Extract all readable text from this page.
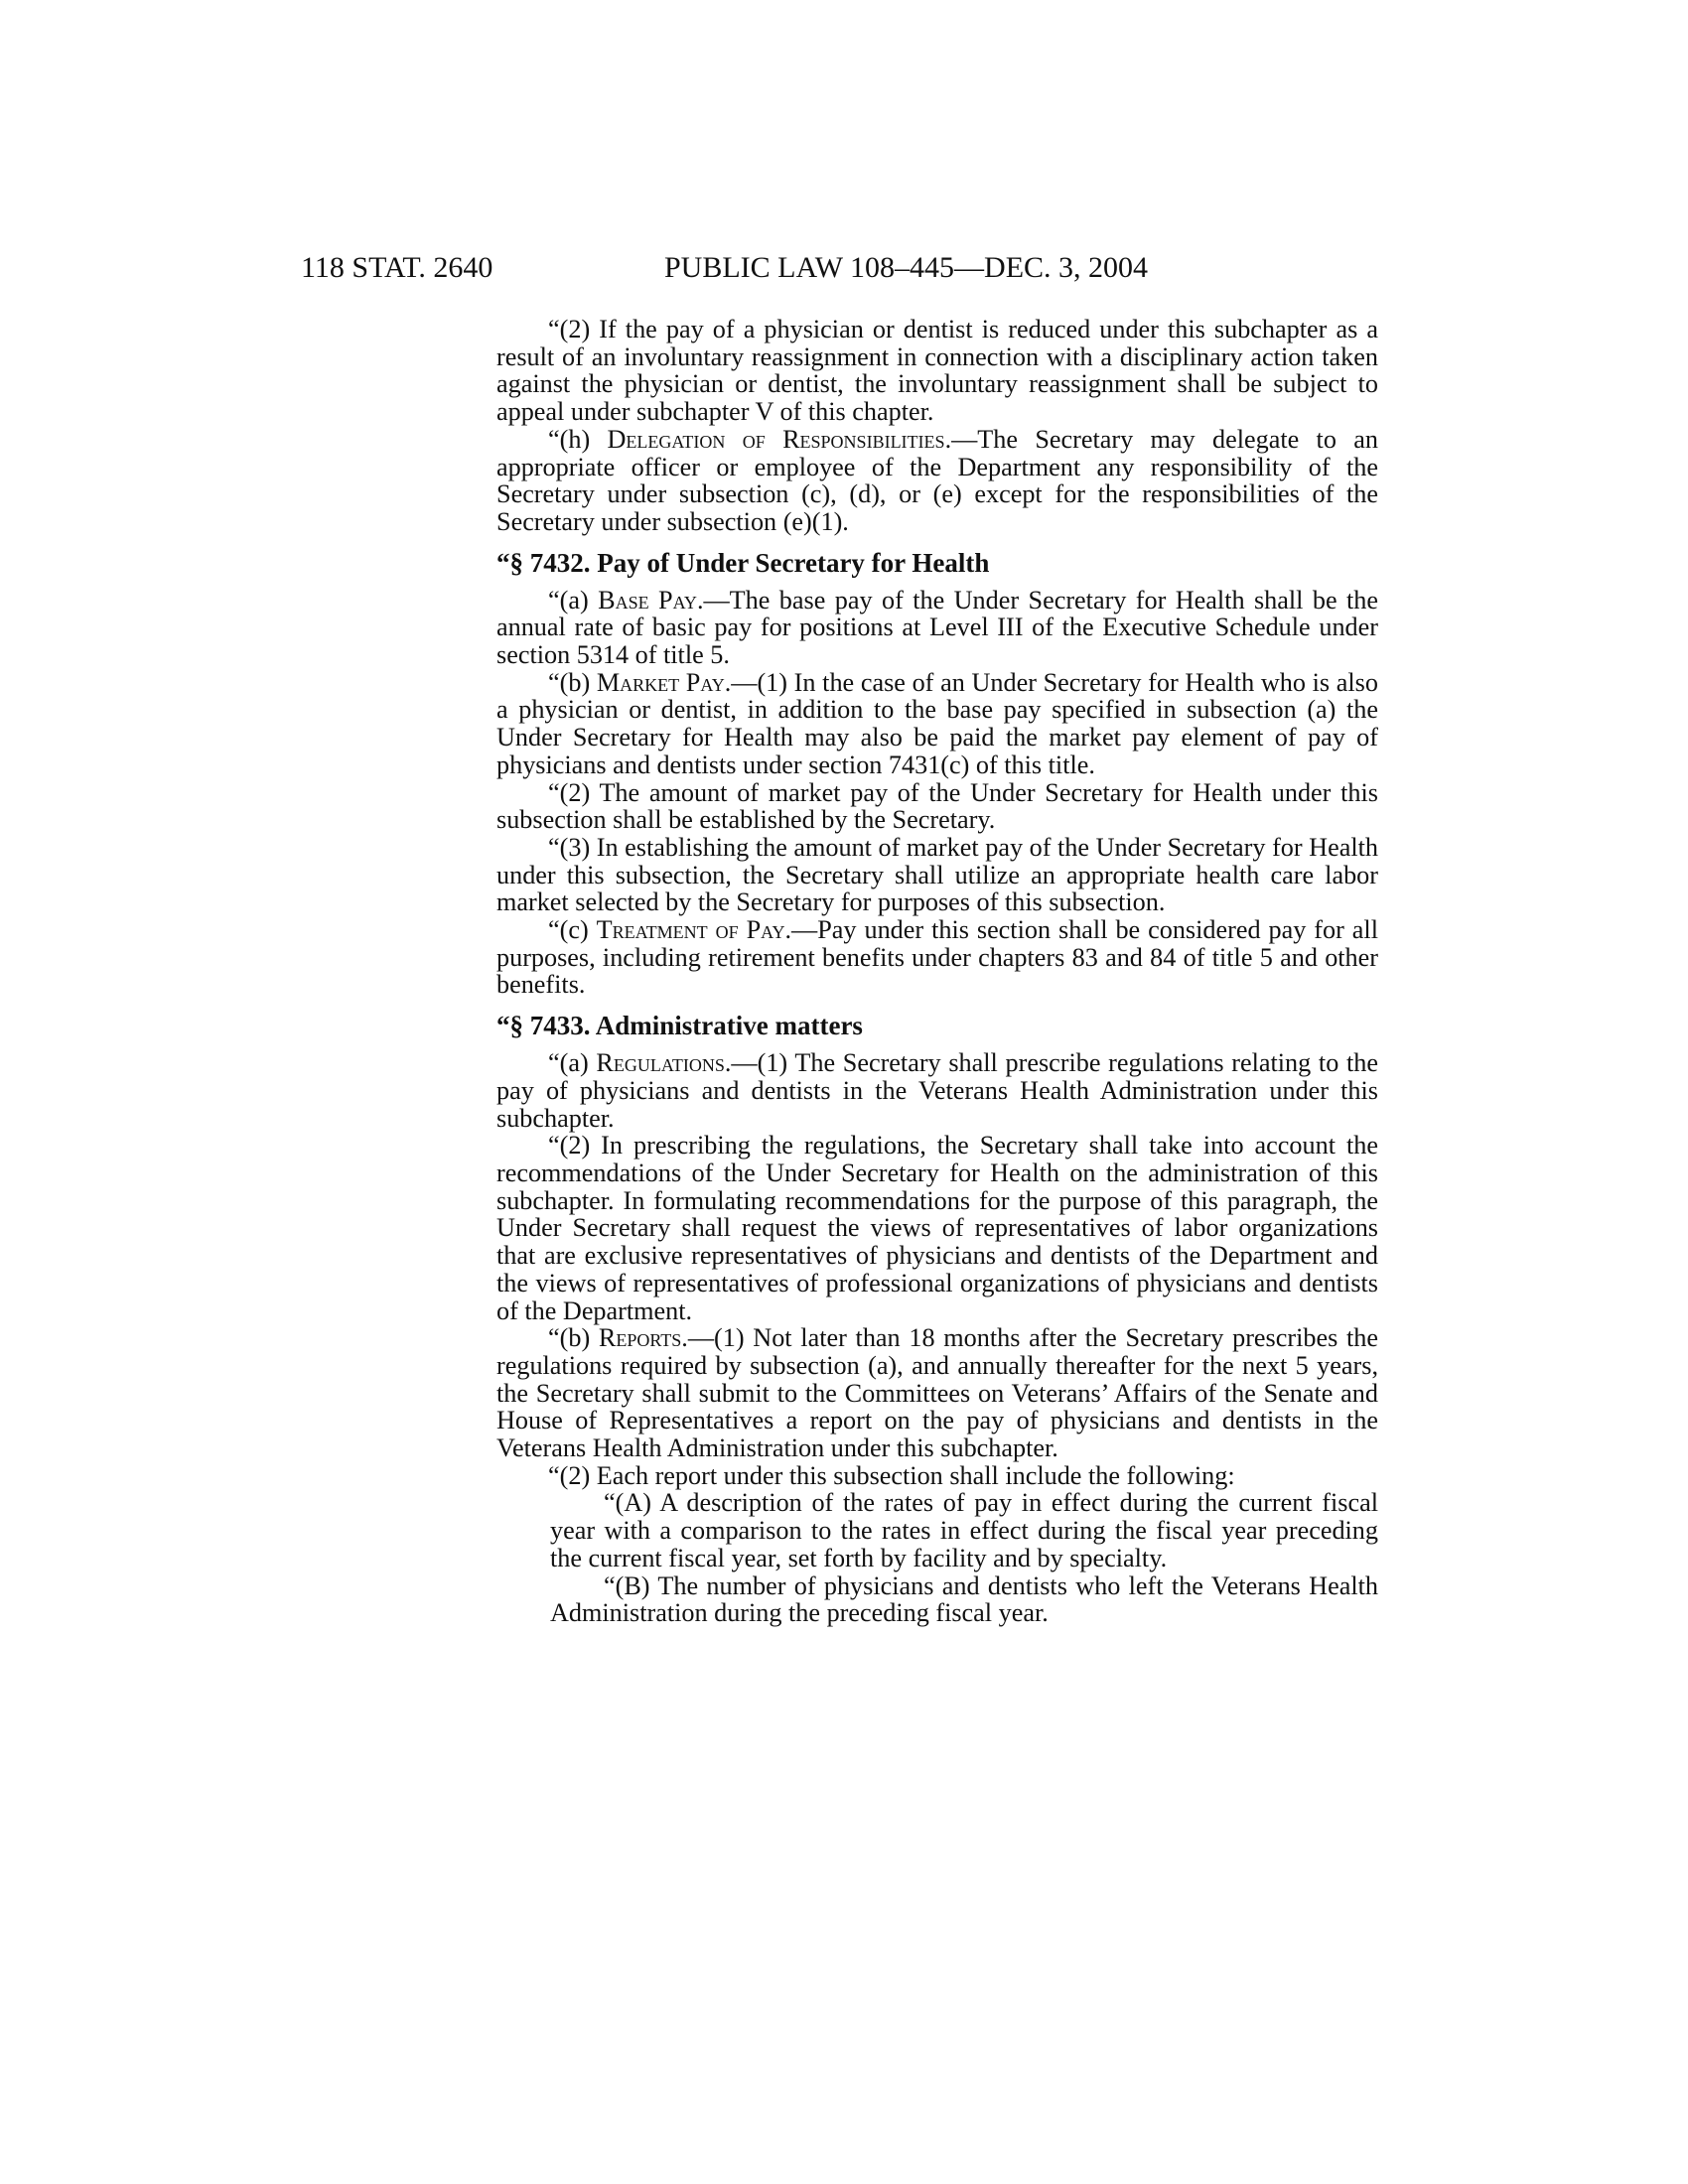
118 STAT. 2640	PUBLIC LAW 108–445—DEC. 3, 2004

“(2) If the pay of a physician or dentist is reduced under this subchapter as a result of an involuntary reassignment in connection with a disciplinary action taken against the physician or dentist, the involuntary reassignment shall be subject to appeal under subchapter V of this chapter.

“(h) Delegation of Responsibilities.—The Secretary may delegate to an appropriate officer or employee of the Department any responsibility of the Secretary under subsection (c), (d), or (e) except for the responsibilities of the Secretary under subsection (e)(1).

“§ 7432. Pay of Under Secretary for Health

“(a) Base Pay.—The base pay of the Under Secretary for Health shall be the annual rate of basic pay for positions at Level III of the Executive Schedule under section 5314 of title 5.

“(b) Market Pay.—(1) In the case of an Under Secretary for Health who is also a physician or dentist, in addition to the base pay specified in subsection (a) the Under Secretary for Health may also be paid the market pay element of pay of physicians and dentists under section 7431(c) of this title.

“(2) The amount of market pay of the Under Secretary for Health under this subsection shall be established by the Secretary.

“(3) In establishing the amount of market pay of the Under Secretary for Health under this subsection, the Secretary shall utilize an appropriate health care labor market selected by the Secretary for purposes of this subsection.

“(c) Treatment of Pay.—Pay under this section shall be considered pay for all purposes, including retirement benefits under chapters 83 and 84 of title 5 and other benefits.

“§ 7433. Administrative matters

“(a) Regulations.—(1) The Secretary shall prescribe regulations relating to the pay of physicians and dentists in the Veterans Health Administration under this subchapter.

“(2) In prescribing the regulations, the Secretary shall take into account the recommendations of the Under Secretary for Health on the administration of this subchapter. In formulating recommendations for the purpose of this paragraph, the Under Secretary shall request the views of representatives of labor organizations that are exclusive representatives of physicians and dentists of the Department and the views of representatives of professional organizations of physicians and dentists of the Department.

“(b) Reports.—(1) Not later than 18 months after the Secretary prescribes the regulations required by subsection (a), and annually thereafter for the next 5 years, the Secretary shall submit to the Committees on Veterans’ Affairs of the Senate and House of Representatives a report on the pay of physicians and dentists in the Veterans Health Administration under this subchapter.

“(2) Each report under this subsection shall include the following:

“(A) A description of the rates of pay in effect during the current fiscal year with a comparison to the rates in effect during the fiscal year preceding the current fiscal year, set forth by facility and by specialty.

“(B) The number of physicians and dentists who left the Veterans Health Administration during the preceding fiscal year.
